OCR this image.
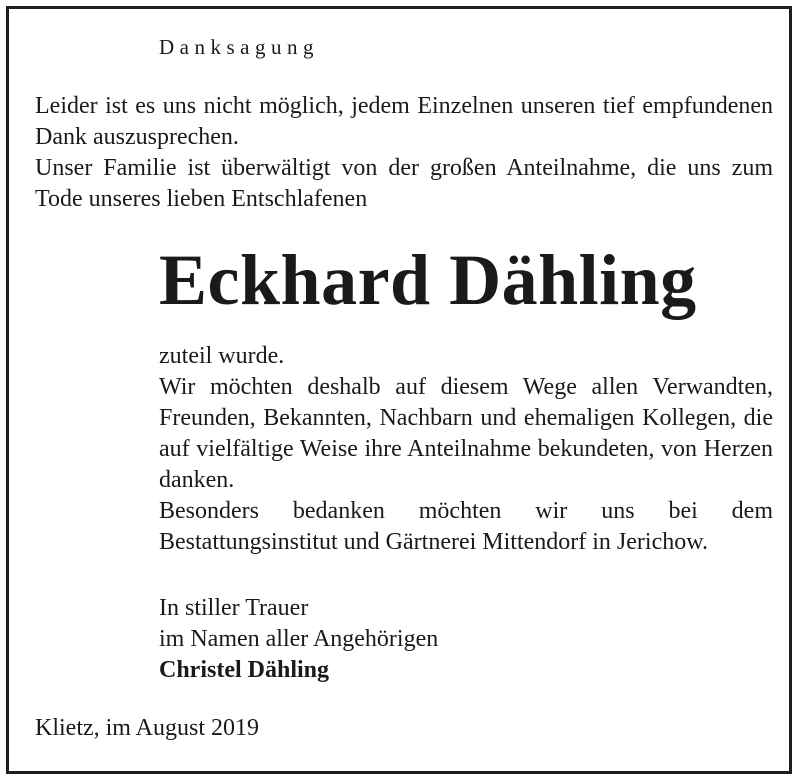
Danksagung

Leider ist es uns nicht möglich, jedem Einzelnen unseren tief empfundenen Dank auszusprechen.

Unser Familie ist überwältigt von der großen Anteilnahme, die uns zum Tode unseres lieben Entschlafenen

Eckhard Dähling

zuteil wurde.

Wir möchten deshalb auf diesem Wege allen Verwandten, Freunden, Bekannten, Nachbarn und ehemaligen Kollegen, die auf vielfältige Weise ihre Anteilnahme bekundeten, von Herzen danken.

Besonders bedanken möchten wir uns bei dem Bestattungsinstitut und Gärtnerei Mittendorf in Jerichow.

In stiller Trauer
im Namen aller Angehörigen
Christel Dähling
Klietz, im August 2019
